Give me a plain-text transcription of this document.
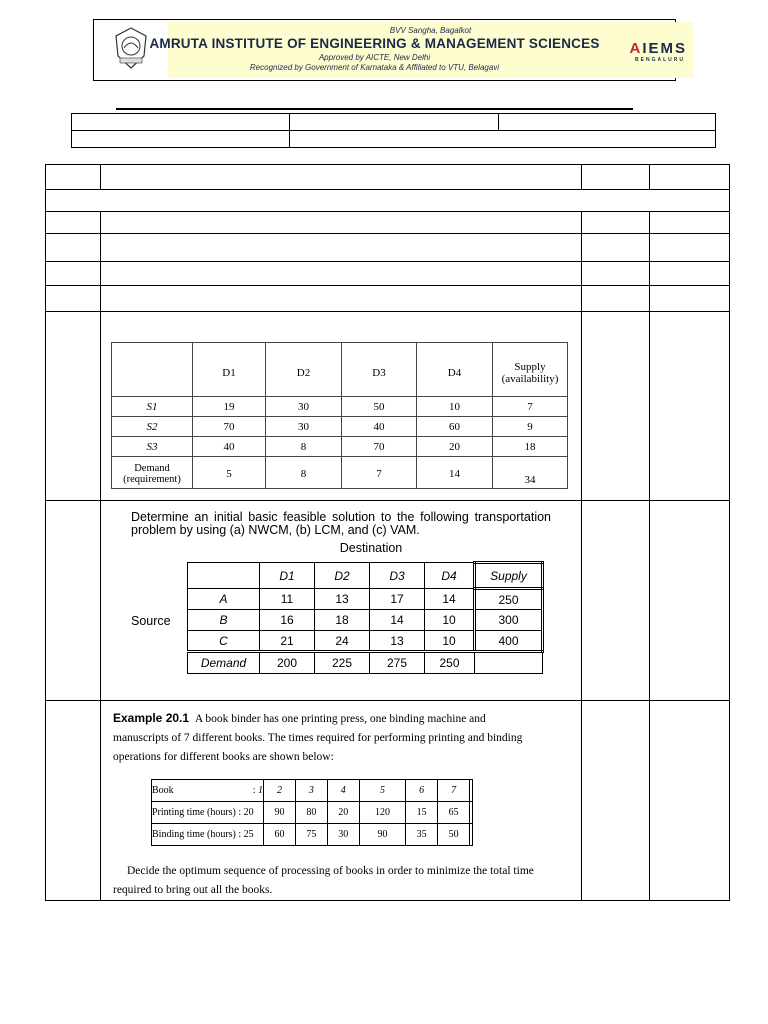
BVV Sangha, Bagalkot
AMRUTA INSTITUTE OF ENGINEERING & MANAGEMENT SCIENCES
Approved by AICTE, New Delhi
Recognized by Government of Karnataka & Affiliated to VTU, Belagavi
AIEMS
BENGALURU

	D1	D2	D3	D4	Supply (availability)
S1	19	30	50	10	7
S2	70	30	40	60	9
S3	40	8	70	20	18
Demand (requirement)	5	8	7	14	34

Determine an initial basic feasible solution to the following transportation problem by using (a) NWCM, (b) LCM, and (c) VAM.
Destination
Source
	D1	D2	D3	D4	Supply
A	11	13	17	14	250
B	16	18	14	10	300
C	21	24	13	10	400
Demand	200	225	275	250	

Example 20.1 A book binder has one printing press, one binding machine and manuscripts of 7 different books. The times required for performing printing and binding operations for different books are shown below:
Book	: 1	2	3	4	5	6	7	
Printing time (hours) : 20	90	80	20	120	15	65	
Binding time (hours) : 25	60	75	30	90	35	50	
Decide the optimum sequence of processing of books in order to minimize the total time required to bring out all the books.
